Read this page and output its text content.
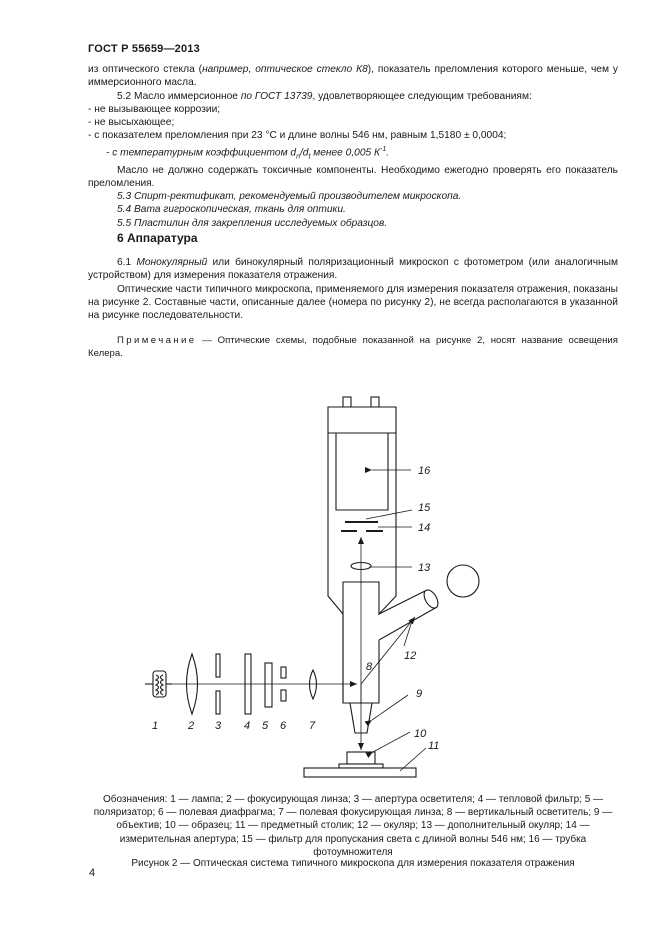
ГОСТ Р 55659—2013

из оптического стекла (например, оптическое стекло К8), показатель преломления которого меньше, чем у иммерсионного масла.

5.2 Масло иммерсионное по ГОСТ 13739, удовлетворяющее следующим требованиям:

- не вызывающее коррозии;

- не высыхающее;

- с показателем преломления при 23 °С и длине волны 546 нм, равным 1,5180 ± 0,0004;

- с температурным коэффициентом $d_n/d_t$ менее 0,005 $К^{-1}$.

Масло не должно содержать токсичные компоненты. Необходимо ежегодно проверять его показатель преломления.

5.3 Спирт-ректификат, рекомендуемый производителем микроскопа.

5.4 Вата гигроскопическая, ткань для оптики.

5.5 Пластилин для закрепления исследуемых образцов.

6 Аппаратура

6.1 Монокулярный или бинокулярный поляризационный микроскоп с фотометром (или аналогичным устройством) для измерения показателя отражения.

Оптические части типичного микроскопа, применяемого для измерения показателя отражения, показаны на рисунке 2. Составные части, описанные далее (номера по рисунку 2), не всегда располагаются в указанной на рисунке последовательности.

Примечание — Оптические схемы, подобные показанной на рисунке 2, носят название освещения Келера.
1	2 3 4 5 6 7
8
9
10
11
12
13
14
15
16
Обозначения: 1 — лампа; 2 — фокусирующая линза; 3 — апертура осветителя; 4 — тепловой фильтр; 5 — поляризатор; 6 — полевая диафрагма; 7 — полевая фокусирующая линза; 8 — вертикальный осветитель; 9 — объектив; 10 — образец; 11 — предметный столик; 12 — окуляр; 13 — дополнительный окуляр; 14 — измерительная апертура; 15 — фильтр для пропускания света с длиной волны 546 нм; 16 — трубка фотоумножителя
4
Рисунок 2 — Оптическая система типичного микроскопа для измерения показателя отражения
